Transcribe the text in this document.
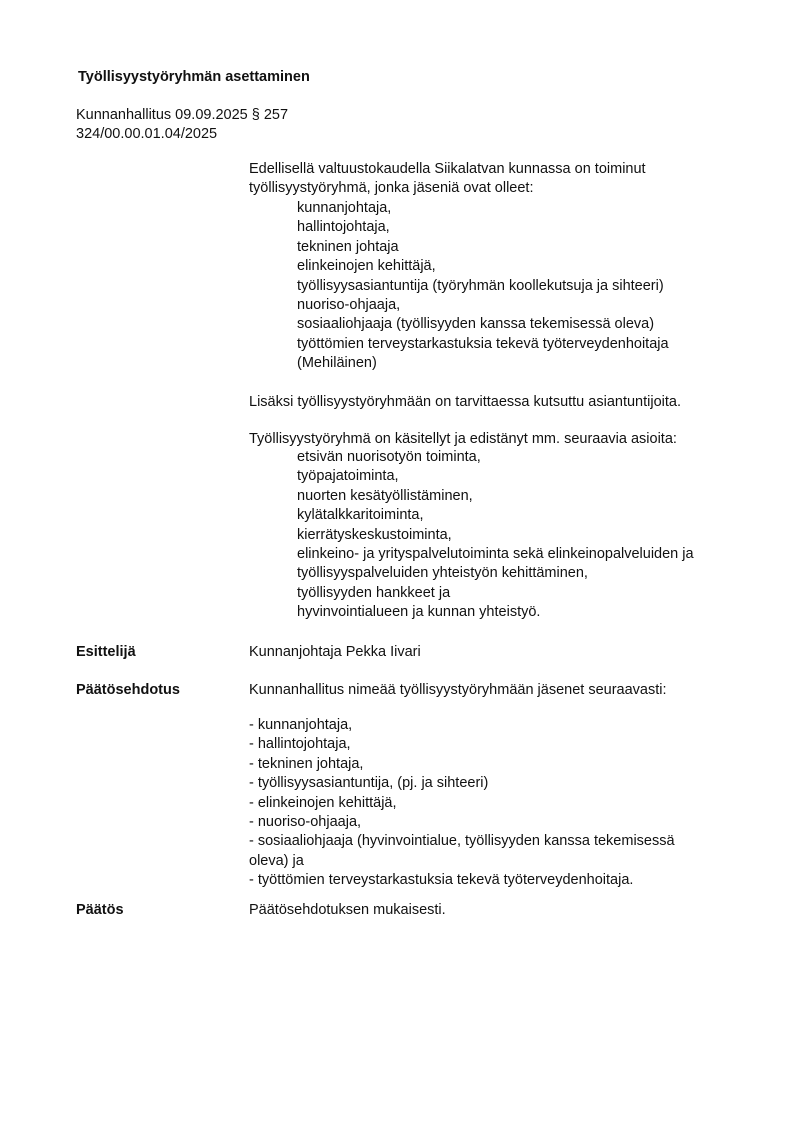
Työllisyystyöryhmän asettaminen
Kunnanhallitus 09.09.2025 § 257
324/00.00.01.04/2025
Edellisellä valtuustokaudella Siikalatvan kunnassa on toiminut
työllisyystyöryhmä, jonka jäseniä ovat olleet:
kunnanjohtaja,
hallintojohtaja,
tekninen johtaja
elinkeinojen kehittäjä,
työllisyysasiantuntija (työryhmän koollekutsuja ja sihteeri)
nuoriso-ohjaaja,
sosiaaliohjaaja (työllisyyden kanssa tekemisessä oleva)
työttömien terveystarkastuksia tekevä työterveydenhoitaja
(Mehiläinen)
Lisäksi työllisyystyöryhmään on tarvittaessa kutsuttu asiantuntijoita.
Työllisyystyöryhmä on käsitellyt ja edistänyt mm. seuraavia asioita:
etsivän nuorisotyön toiminta,
työpajatoiminta,
nuorten kesätyöllistäminen,
kylätalkkaritoiminta,
kierrätyskeskustoiminta,
elinkeino- ja yrityspalvelutoiminta sekä elinkeinopalveluiden ja
työllisyyspalveluiden yhteistyön kehittäminen,
työllisyyden hankkeet ja
hyvinvointialueen ja kunnan yhteistyö.
Esittelijä	Kunnanjohtaja Pekka Iivari
Päätösehdotus	Kunnanhallitus nimeää työllisyystyöryhmään jäsenet seuraavasti:
- kunnanjohtaja,
- hallintojohtaja,
- tekninen johtaja,
- työllisyysasiantuntija, (pj. ja sihteeri)
- elinkeinojen kehittäjä,
- nuoriso-ohjaaja,
- sosiaaliohjaaja (hyvinvointialue, työllisyyden kanssa tekemisessä
oleva) ja
- työttömien terveystarkastuksia tekevä työterveydenhoitaja.
Päätös	Päätösehdotuksen mukaisesti.
